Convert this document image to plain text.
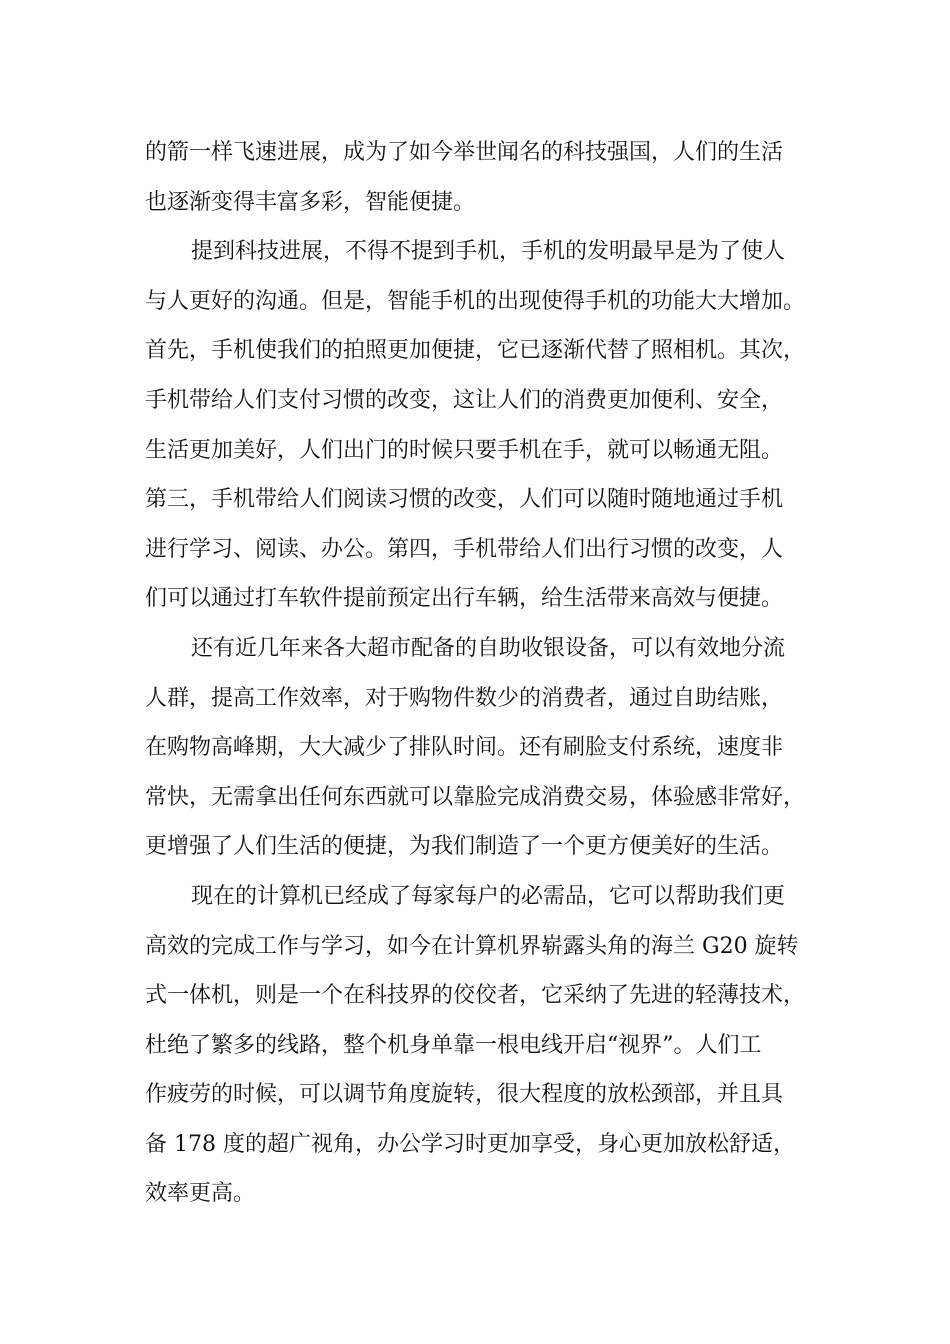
的箭一样飞速进展，成为了如今举世闻名的科技强国，人们的生活
也逐渐变得丰富多彩，智能便捷。
提到科技进展，不得不提到手机，手机的发明最早是为了使人
与人更好的沟通。但是，智能手机的出现使得手机的功能大大增加。
首先，手机使我们的拍照更加便捷，它已逐渐代替了照相机。其次，
手机带给人们支付习惯的改变，这让人们的消费更加便利、安全，
生活更加美好，人们出门的时候只要手机在手，就可以畅通无阻。
第三，手机带给人们阅读习惯的改变，人们可以随时随地通过手机
进行学习、阅读、办公。第四，手机带给人们出行习惯的改变，人
们可以通过打车软件提前预定出行车辆，给生活带来高效与便捷。
还有近几年来各大超市配备的自助收银设备，可以有效地分流
人群，提高工作效率，对于购物件数少的消费者，通过自助结账，
在购物高峰期，大大减少了排队时间。还有刷脸支付系统，速度非
常快，无需拿出任何东西就可以靠脸完成消费交易，体验感非常好，
更增强了人们生活的便捷，为我们制造了一个更方便美好的生活。
现在的计算机已经成了每家每户的必需品，它可以帮助我们更
高效的完成工作与学习，如今在计算机界崭露头角的海兰 G20 旋转
式一体机，则是一个在科技界的佼佼者，它采纳了先进的轻薄技术，
杜绝了繁多的线路，整个机身单靠一根电线开启“视界”。人们工
作疲劳的时候，可以调节角度旋转，很大程度的放松颈部，并且具
备 178 度的超广视角，办公学习时更加享受，身心更加放松舒适，
效率更高。
